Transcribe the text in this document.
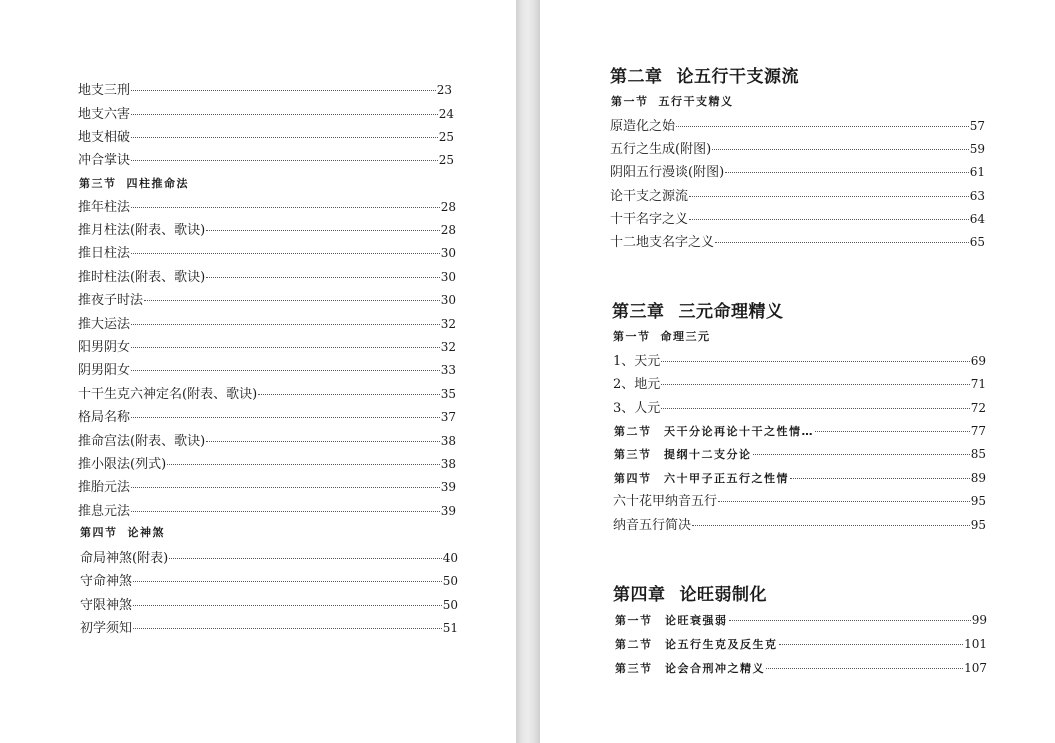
地支三刑	23
地支六害	24
地支相破	25
冲合掌诀	25
第三节 四柱推命法
推年柱法	28
推月柱法(附表、歌诀)	28
推日柱法	30
推时柱法(附表、歌诀)	30
推夜子时法	30
推大运法	32
阳男阴女	32
阴男阳女	33
十干生克六神定名(附表、歌诀)	35
格局名称	37
推命宫法(附表、歌诀)	38
推小限法(列式)	38
推胎元法	39
推息元法	39
第四节 论神煞
命局神煞(附表)	40
守命神煞	50
守限神煞	50
初学须知	51
第二章 论五行干支源流
第一节 五行干支精义
原造化之始	57
五行之生成(附图)	59
阴阳五行漫谈(附图)	61
论干支之源流	63
十干名字之义	64
十二地支名字之义	65
第三章 三元命理精义
第一节 命理三元
1、天元	69
2、地元	71
3、人元	72
第二节　天干分论再论十干之性情…	77
第三节　提纲十二支分论	85
第四节　六十甲子正五行之性情	89
六十花甲纳音五行	95
纳音五行简决	95
第四章 论旺弱制化
第一节　论旺衰强弱	99
第二节　论五行生克及反生克	101
第三节　论会合刑冲之精义	107
